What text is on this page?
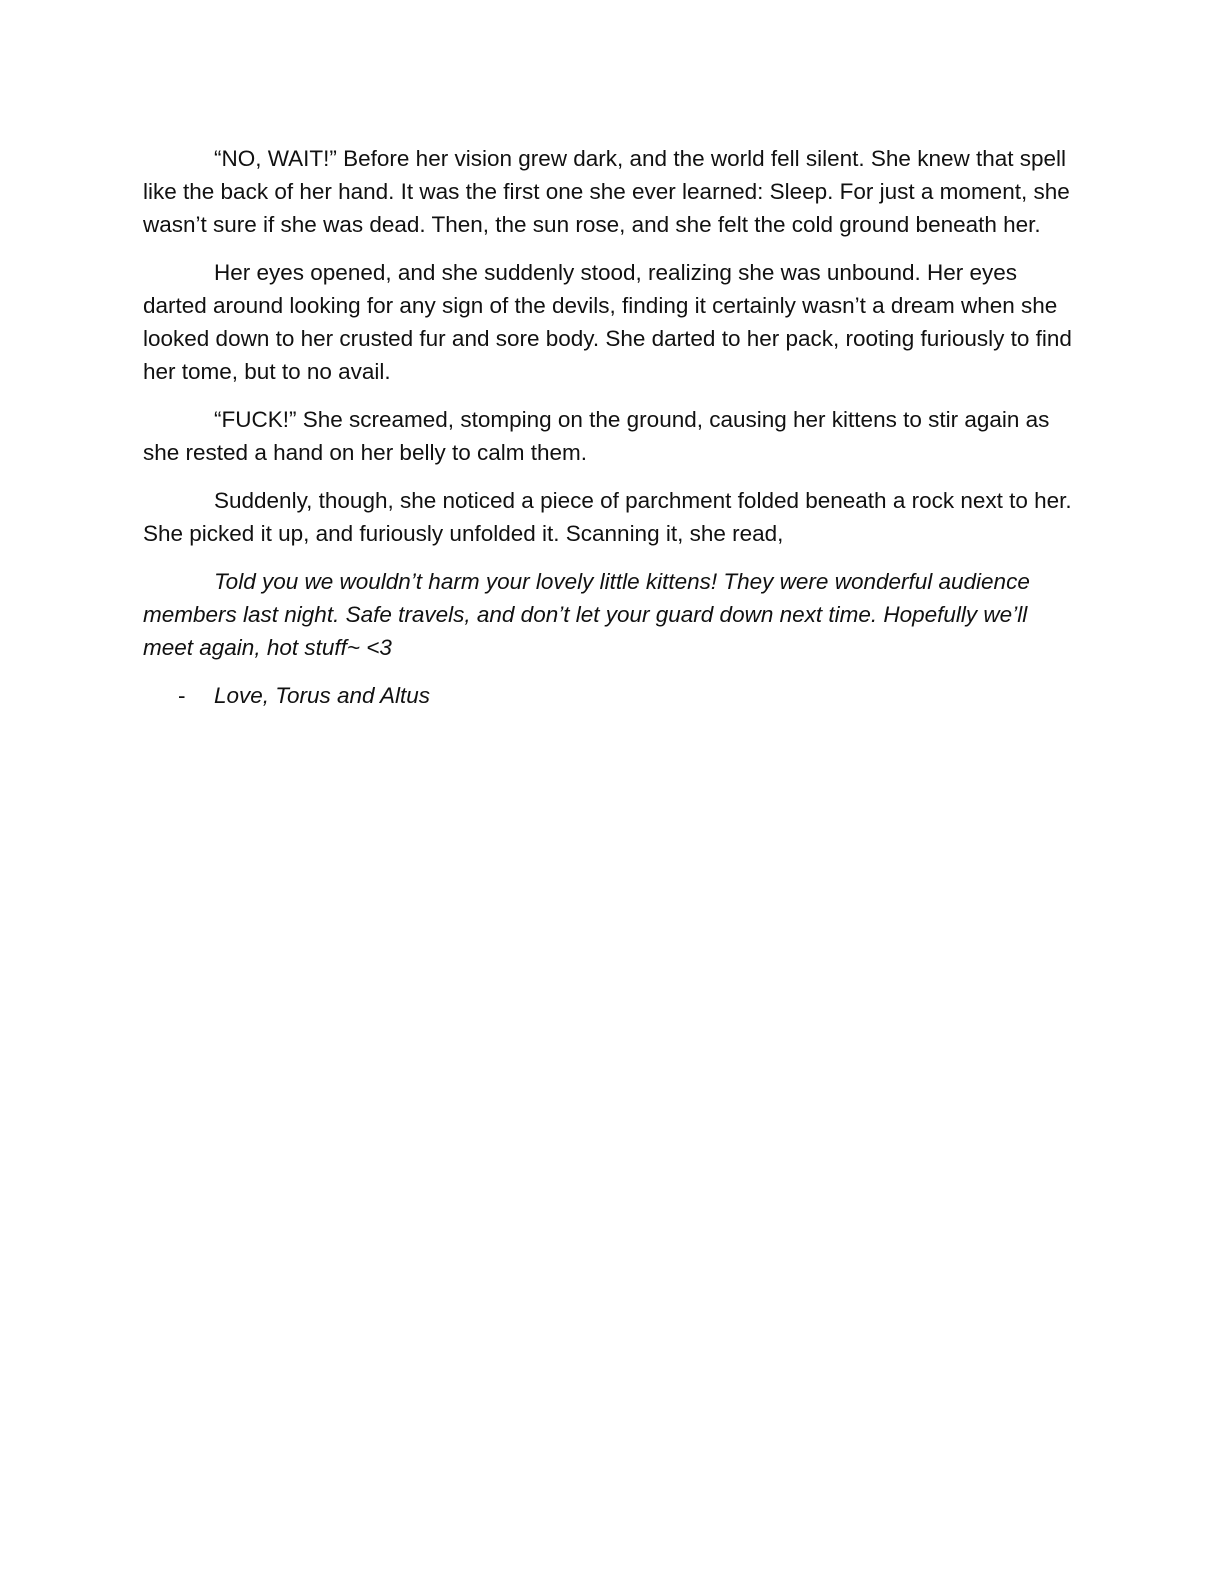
“NO, WAIT!” Before her vision grew dark, and the world fell silent. She knew that spell like the back of her hand. It was the first one she ever learned: Sleep. For just a moment, she wasn’t sure if she was dead. Then, the sun rose, and she felt the cold ground beneath her.

Her eyes opened, and she suddenly stood, realizing she was unbound. Her eyes darted around looking for any sign of the devils, finding it certainly wasn’t a dream when she looked down to her crusted fur and sore body. She darted to her pack, rooting furiously to find her tome, but to no avail.

“FUCK!” She screamed, stomping on the ground, causing her kittens to stir again as she rested a hand on her belly to calm them.

Suddenly, though, she noticed a piece of parchment folded beneath a rock next to her. She picked it up, and furiously unfolded it. Scanning it, she read,

Told you we wouldn’t harm your lovely little kittens! They were wonderful audience members last night. Safe travels, and don’t let your guard down next time. Hopefully we’ll meet again, hot stuff~ <3

- Love, Torus and Altus
